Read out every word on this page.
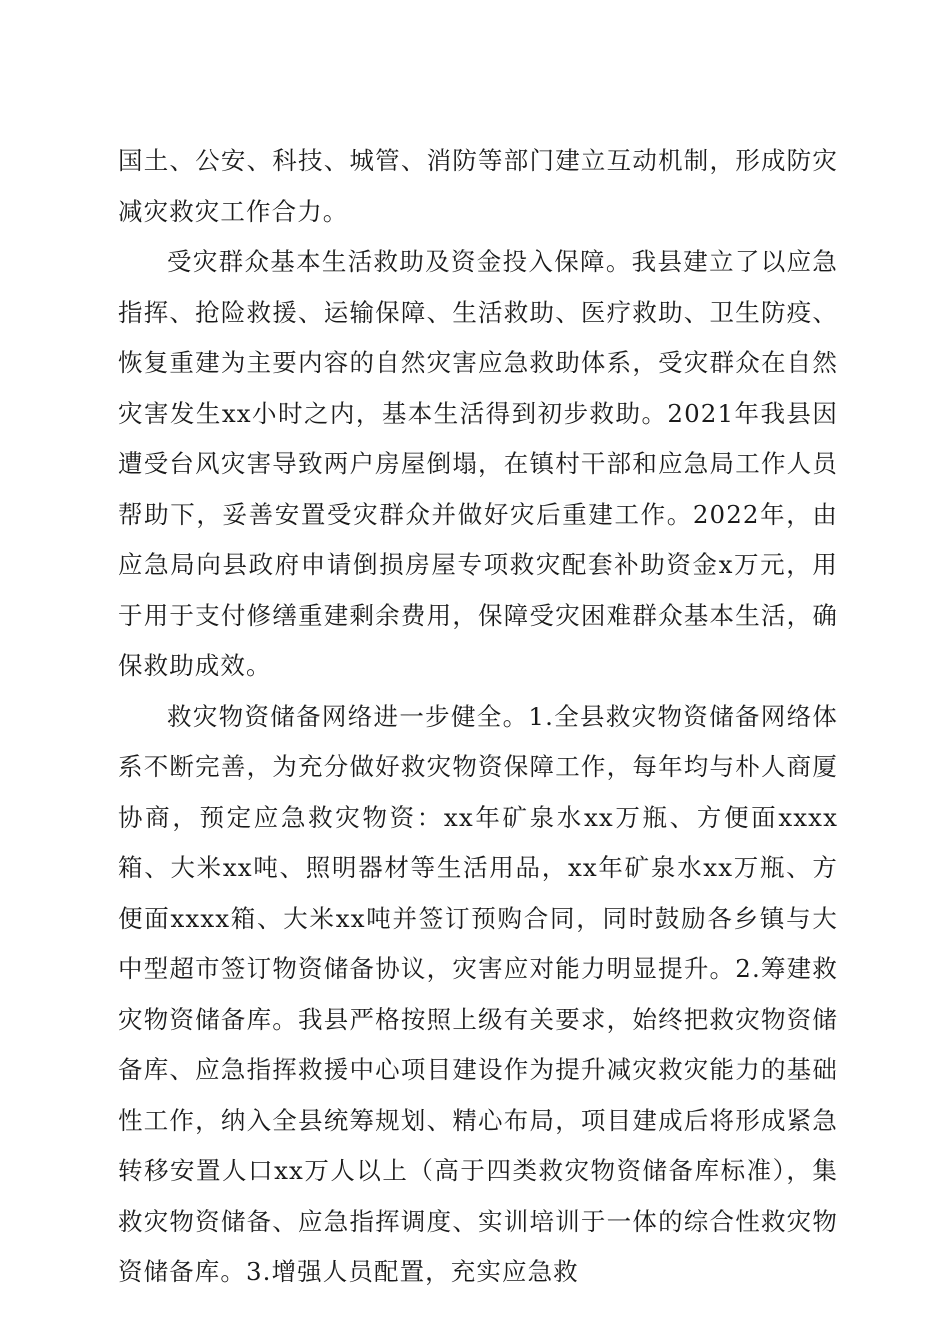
国土、公安、科技、城管、消防等部门建立互动机制，形成防灾减灾救灾工作合力。

受灾群众基本生活救助及资金投入保障。我县建立了以应急指挥、抢险救援、运输保障、生活救助、医疗救助、卫生防疫、恢复重建为主要内容的自然灾害应急救助体系，受灾群众在自然灾害发生xx小时之内，基本生活得到初步救助。2021年我县因遭受台风灾害导致两户房屋倒塌，在镇村干部和应急局工作人员帮助下，妥善安置受灾群众并做好灾后重建工作。2022年，由应急局向县政府申请倒损房屋专项救灾配套补助资金x万元，用于用于支付修缮重建剩余费用，保障受灾困难群众基本生活，确保救助成效。

救灾物资储备网络进一步健全。1.全县救灾物资储备网络体系不断完善，为充分做好救灾物资保障工作，每年均与朴人商厦协商，预定应急救灾物资：xx年矿泉水xx万瓶、方便面xxxx箱、大米xx吨、照明器材等生活用品，xx年矿泉水xx万瓶、方便面xxxx箱、大米xx吨并签订预购合同，同时鼓励各乡镇与大中型超市签订物资储备协议，灾害应对能力明显提升。2.筹建救灾物资储备库。我县严格按照上级有关要求，始终把救灾物资储备库、应急指挥救援中心项目建设作为提升减灾救灾能力的基础性工作，纳入全县统筹规划、精心布局，项目建成后将形成紧急转移安置人口xx万人以上（高于四类救灾物资储备库标准），集救灾物资储备、应急指挥调度、实训培训于一体的综合性救灾物资储备库。3.增强人员配置，充实应急救
